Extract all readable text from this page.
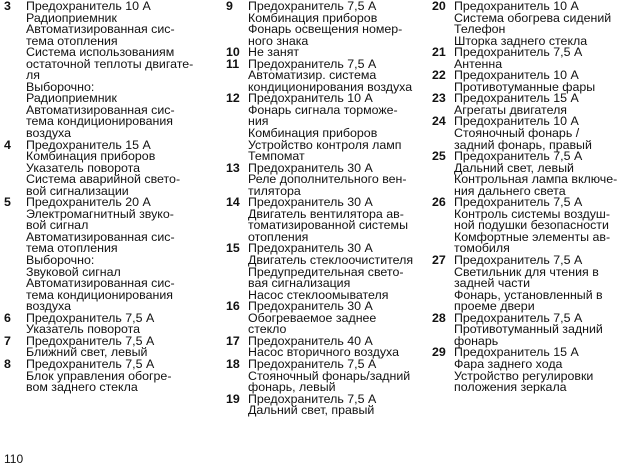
3	Предохранитель 10 А
Радиоприемник
Автоматизированная сис-
тема отопления
Система использованиям
остаточной теплоты двигате-
ля
Выборочно:
Радиоприемник
Автоматизированная сис-
тема кондиционирования
воздуха
4	Предохранитель 15 А
Комбинация приборов
Указатель поворота
Система аварийной свето-
вой сигнализации
5	Предохранитель 20 А
Электромагнитный звуко-
вой сигнал
Автоматизированная сис-
тема отопления
Выборочно:
Звуковой сигнал
Автоматизированная сис-
тема кондиционирования
воздуха
6	Предохранитель 7,5 А
Указатель поворота
7	Предохранитель 7,5 А
Ближний свет, левый
8	Предохранитель 7,5 А
Блок управления обогре-
вом заднего стекла
9	Предохранитель 7,5 А
Комбинация приборов
Фонарь освещения номер-
ного знака
10 Не занят
11 Предохранитель 7,5 А
Автоматизир. система
кондиционирования воздуха
12 Предохранитель 10 А
Фонарь сигнала торможе-
ния
Комбинация приборов
Устройство контроля ламп
Темпомат
13 Предохранитель 30 А
Реле дополнительного вен-
тилятора
14 Предохранитель 30 А
Двигатель вентилятора ав-
томатизированной системы
отопления
15 Предохранитель 30 А
Двигатель стеклоочистителя
Предупредительная свето-
вая сигнализация
Насос стеклоомывателя
16 Предохранитель 30 А
Обогреваемое заднее
стекло
17 Предохранитель 40 А
Насос вторичного воздуха
18 Предохранитель 7,5 А
Стояночный фонарь/задний
фонарь, левый
19 Предохранитель 7,5 А
Дальний свет, правый
20 Предохранитель 10 А
Система обогрева сидений
Телефон
Шторка заднего стекла
21 Предохранитель 7,5 А
Антенна
22 Предохранитель 10 А
Противотуманные фары
23 Предохранитель 15 А
Агрегаты двигателя
24 Предохранитель 10 А
Стояночный фонарь /
задний фонарь, правый
25 Предохранитель 7,5 А
Дальний свет, левый
Контрольная лампа включе-
ния дальнего света
26 Предохранитель 7,5 А
Контроль системы воздуш-
ной подушки безопасности
Комфортные элементы ав-
томобиля
27 Предохранитель 7,5 А
Светильник для чтения в
задней части
Фонарь, установленный в
проеме двери
28 Предохранитель 7,5 А
Противотуманный задний
фонарь
29 Предохранитель 15 А
Фара заднего хода
Устройство регулировки
положения зеркала
110
